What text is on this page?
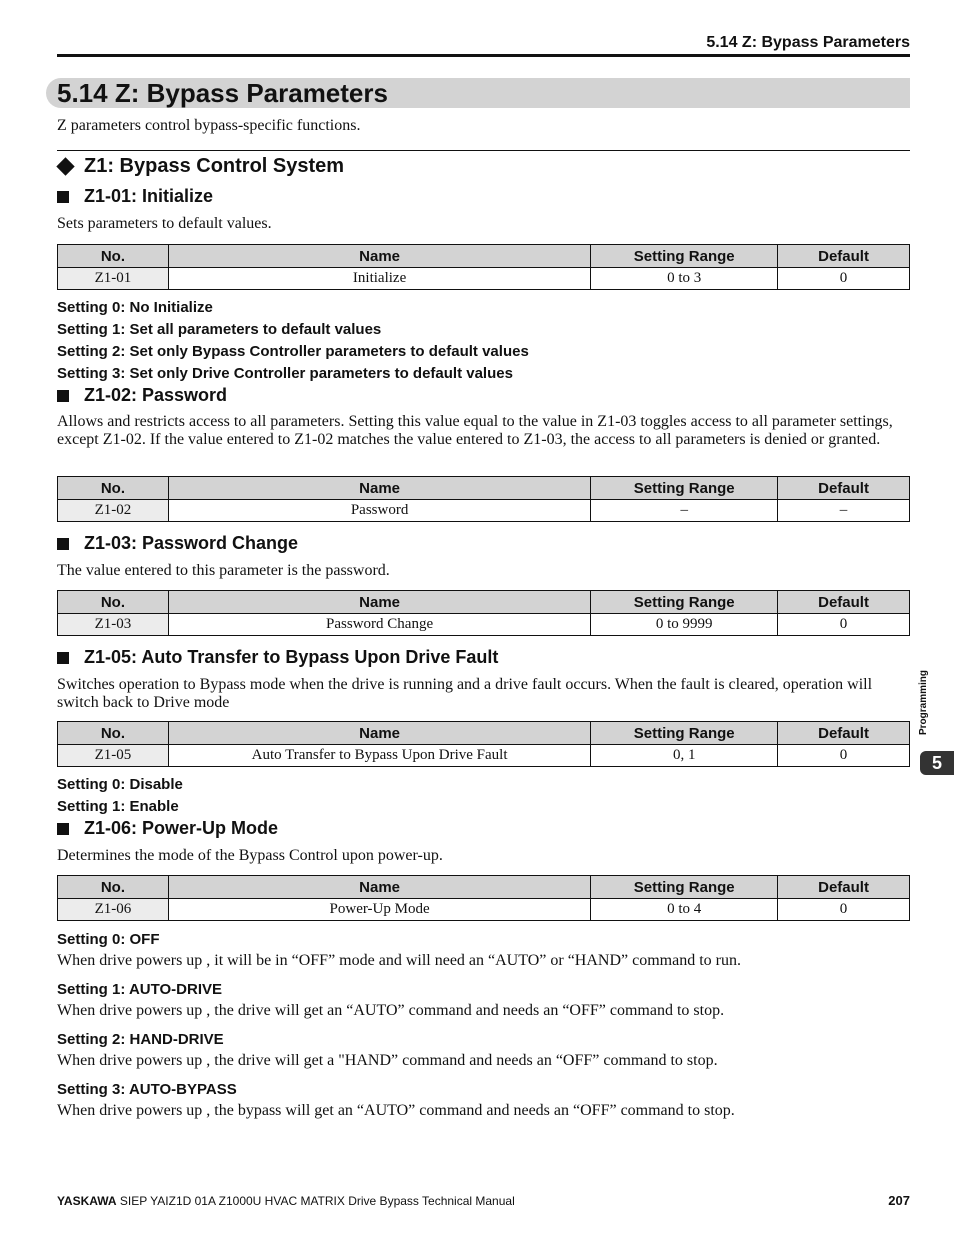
5.14 Z: Bypass Parameters
5.14 Z: Bypass Parameters
Z parameters control bypass-specific functions.
Z1: Bypass Control System
Z1-01: Initialize
Sets parameters to default values.
No.	Name	Setting Range	Default
Z1-01	Initialize	0 to 3	0
Setting 0: No Initialize
Setting 1: Set all parameters to default values
Setting 2: Set only Bypass Controller parameters to default values
Setting 3: Set only Drive Controller parameters to default values
Z1-02: Password
Allows and restricts access to all parameters. Setting this value equal to the value in Z1-03 toggles access to all parameter settings, except Z1-02. If the value entered to Z1-02 matches the value entered to Z1-03, the access to all parameters is denied or granted.
No.	Name	Setting Range	Default
Z1-02	Password	–	–
Z1-03: Password Change
The value entered to this parameter is the password.
No.	Name	Setting Range	Default
Z1-03	Password Change	0 to 9999	0
Z1-05: Auto Transfer to Bypass Upon Drive Fault
Switches operation to Bypass mode when the drive is running and a drive fault occurs. When the fault is cleared, operation will switch back to Drive mode
No.	Name	Setting Range	Default
Z1-05	Auto Transfer to Bypass Upon Drive Fault	0, 1	0
Setting 0: Disable
Setting 1: Enable
Z1-06: Power-Up Mode
Determines the mode of the Bypass Control upon power-up.
No.	Name	Setting Range	Default
Z1-06	Power-Up Mode	0 to 4	0
Setting 0: OFF
When drive powers up , it will be in “OFF” mode and will need an “AUTO” or “HAND” command to run.
Setting 1: AUTO-DRIVE
When drive powers up , the drive will get an “AUTO” command and needs an “OFF” command to stop.
Setting 2: HAND-DRIVE
When drive powers up , the drive will get a "HAND” command and needs an “OFF” command to stop.
Setting 3: AUTO-BYPASS
When drive powers up , the bypass will get an “AUTO” command and needs an “OFF” command to stop.
Programming
5
YASKAWA SIEP YAIZ1D 01A Z1000U HVAC MATRIX Drive Bypass Technical Manual	207
